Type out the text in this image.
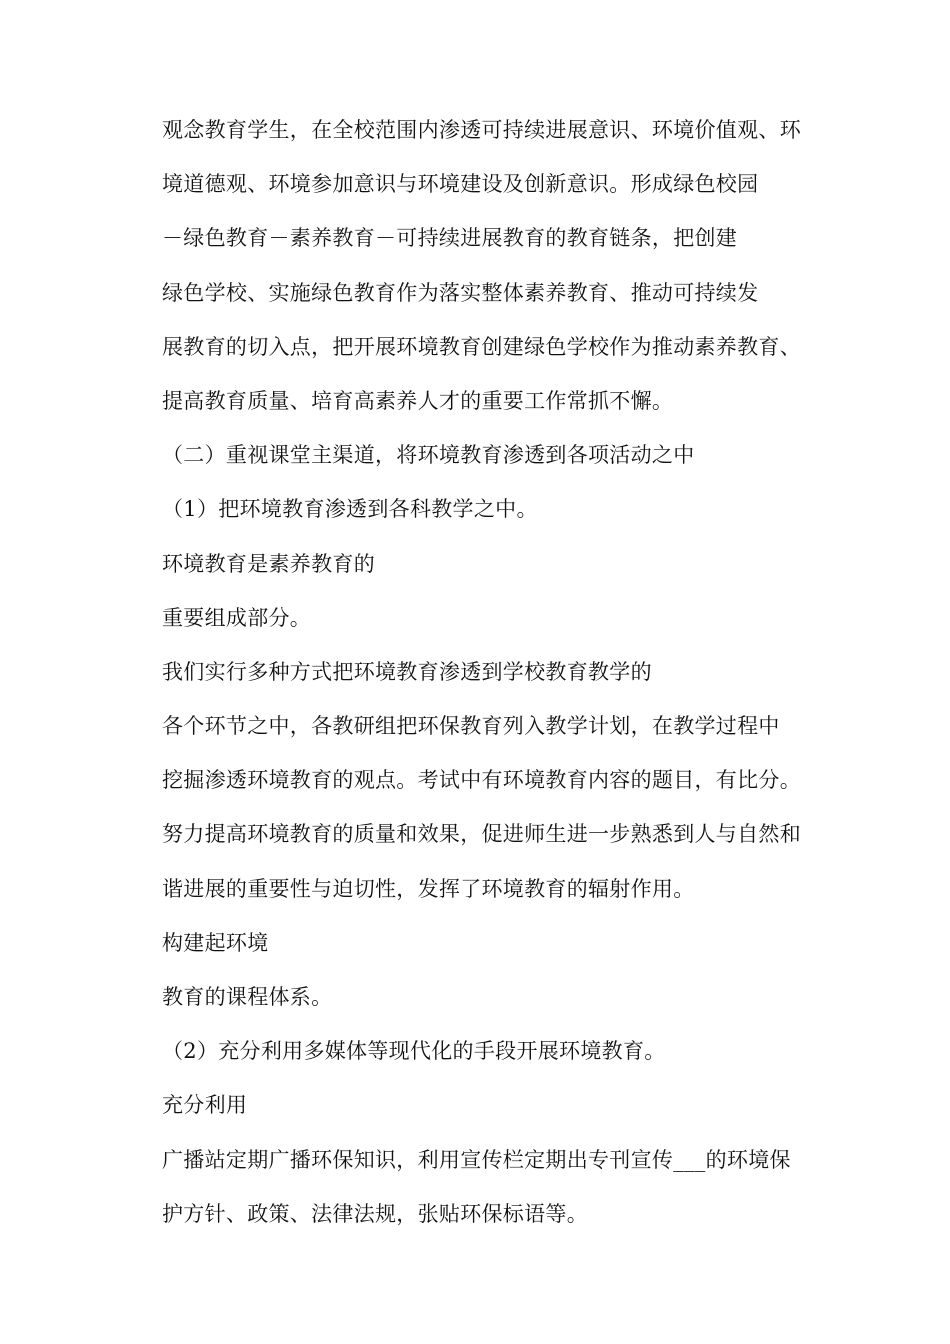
观念教育学生，在全校范围内渗透可持续进展意识、环境价值观、环
境道德观、环境参加意识与环境建设及创新意识。形成绿色校园
－绿色教育－素养教育－可持续进展教育的教育链条，把创建
绿色学校、实施绿色教育作为落实整体素养教育、推动可持续发
展教育的切入点，把开展环境教育创建绿色学校作为推动素养教育、
提高教育质量、培育高素养人才的重要工作常抓不懈。
（二）重视课堂主渠道，将环境教育渗透到各项活动之中
（1）把环境教育渗透到各科教学之中。
环境教育是素养教育的
重要组成部分。
我们实行多种方式把环境教育渗透到学校教育教学的
各个环节之中，各教研组把环保教育列入教学计划，在教学过程中
挖掘渗透环境教育的观点。考试中有环境教育内容的题目，有比分。
努力提高环境教育的质量和效果，促进师生进一步熟悉到人与自然和
谐进展的重要性与迫切性，发挥了环境教育的辐射作用。
构建起环境
教育的课程体系。
（2）充分利用多媒体等现代化的手段开展环境教育。
充分利用
广播站定期广播环保知识，利用宣传栏定期出专刊宣传___的环境保
护方针、政策、法律法规，张贴环保标语等。
